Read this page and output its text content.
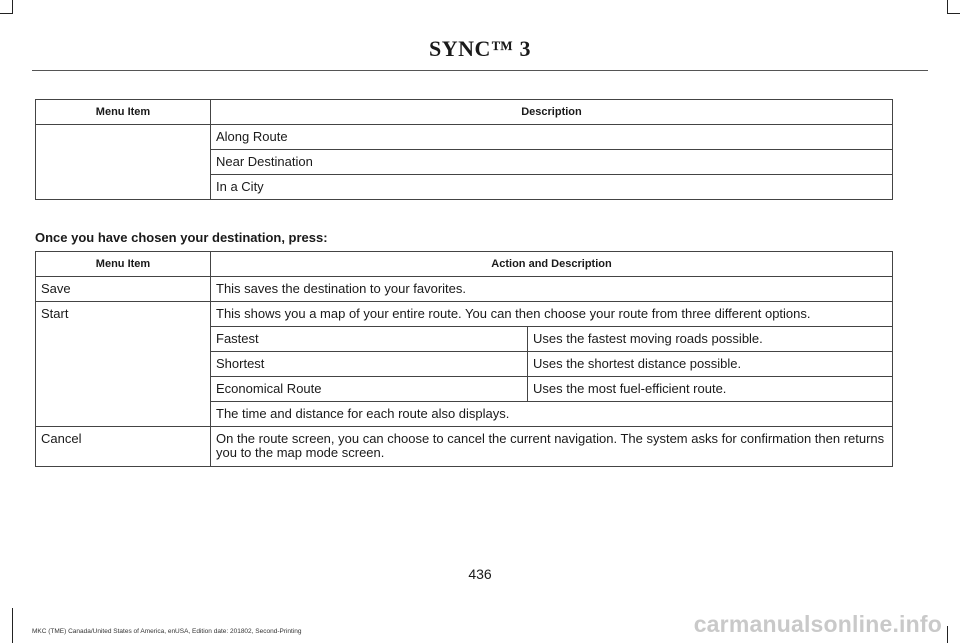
SYNC™ 3
Menu Item	Description
	Along Route
	Near Destination
	In a City
Once you have chosen your destination, press:
Menu Item	Action and Description	
Save	This saves the destination to your favorites.	
Start	This shows you a map of your entire route. You can then choose your route from three different options.	
	Fastest	Uses the fastest moving roads possible.
	Shortest	Uses the shortest distance possible.
	Economical Route	Uses the most fuel-efficient route.
	The time and distance for each route also displays.	
Cancel	On the route screen, you can choose to cancel the current navigation. The system asks for confirmation then returns you to the map mode screen.	
436
MKC (TME) Canada/United States of America, enUSA, Edition date: 201802, Second-Printing	carmanualsonline.info
